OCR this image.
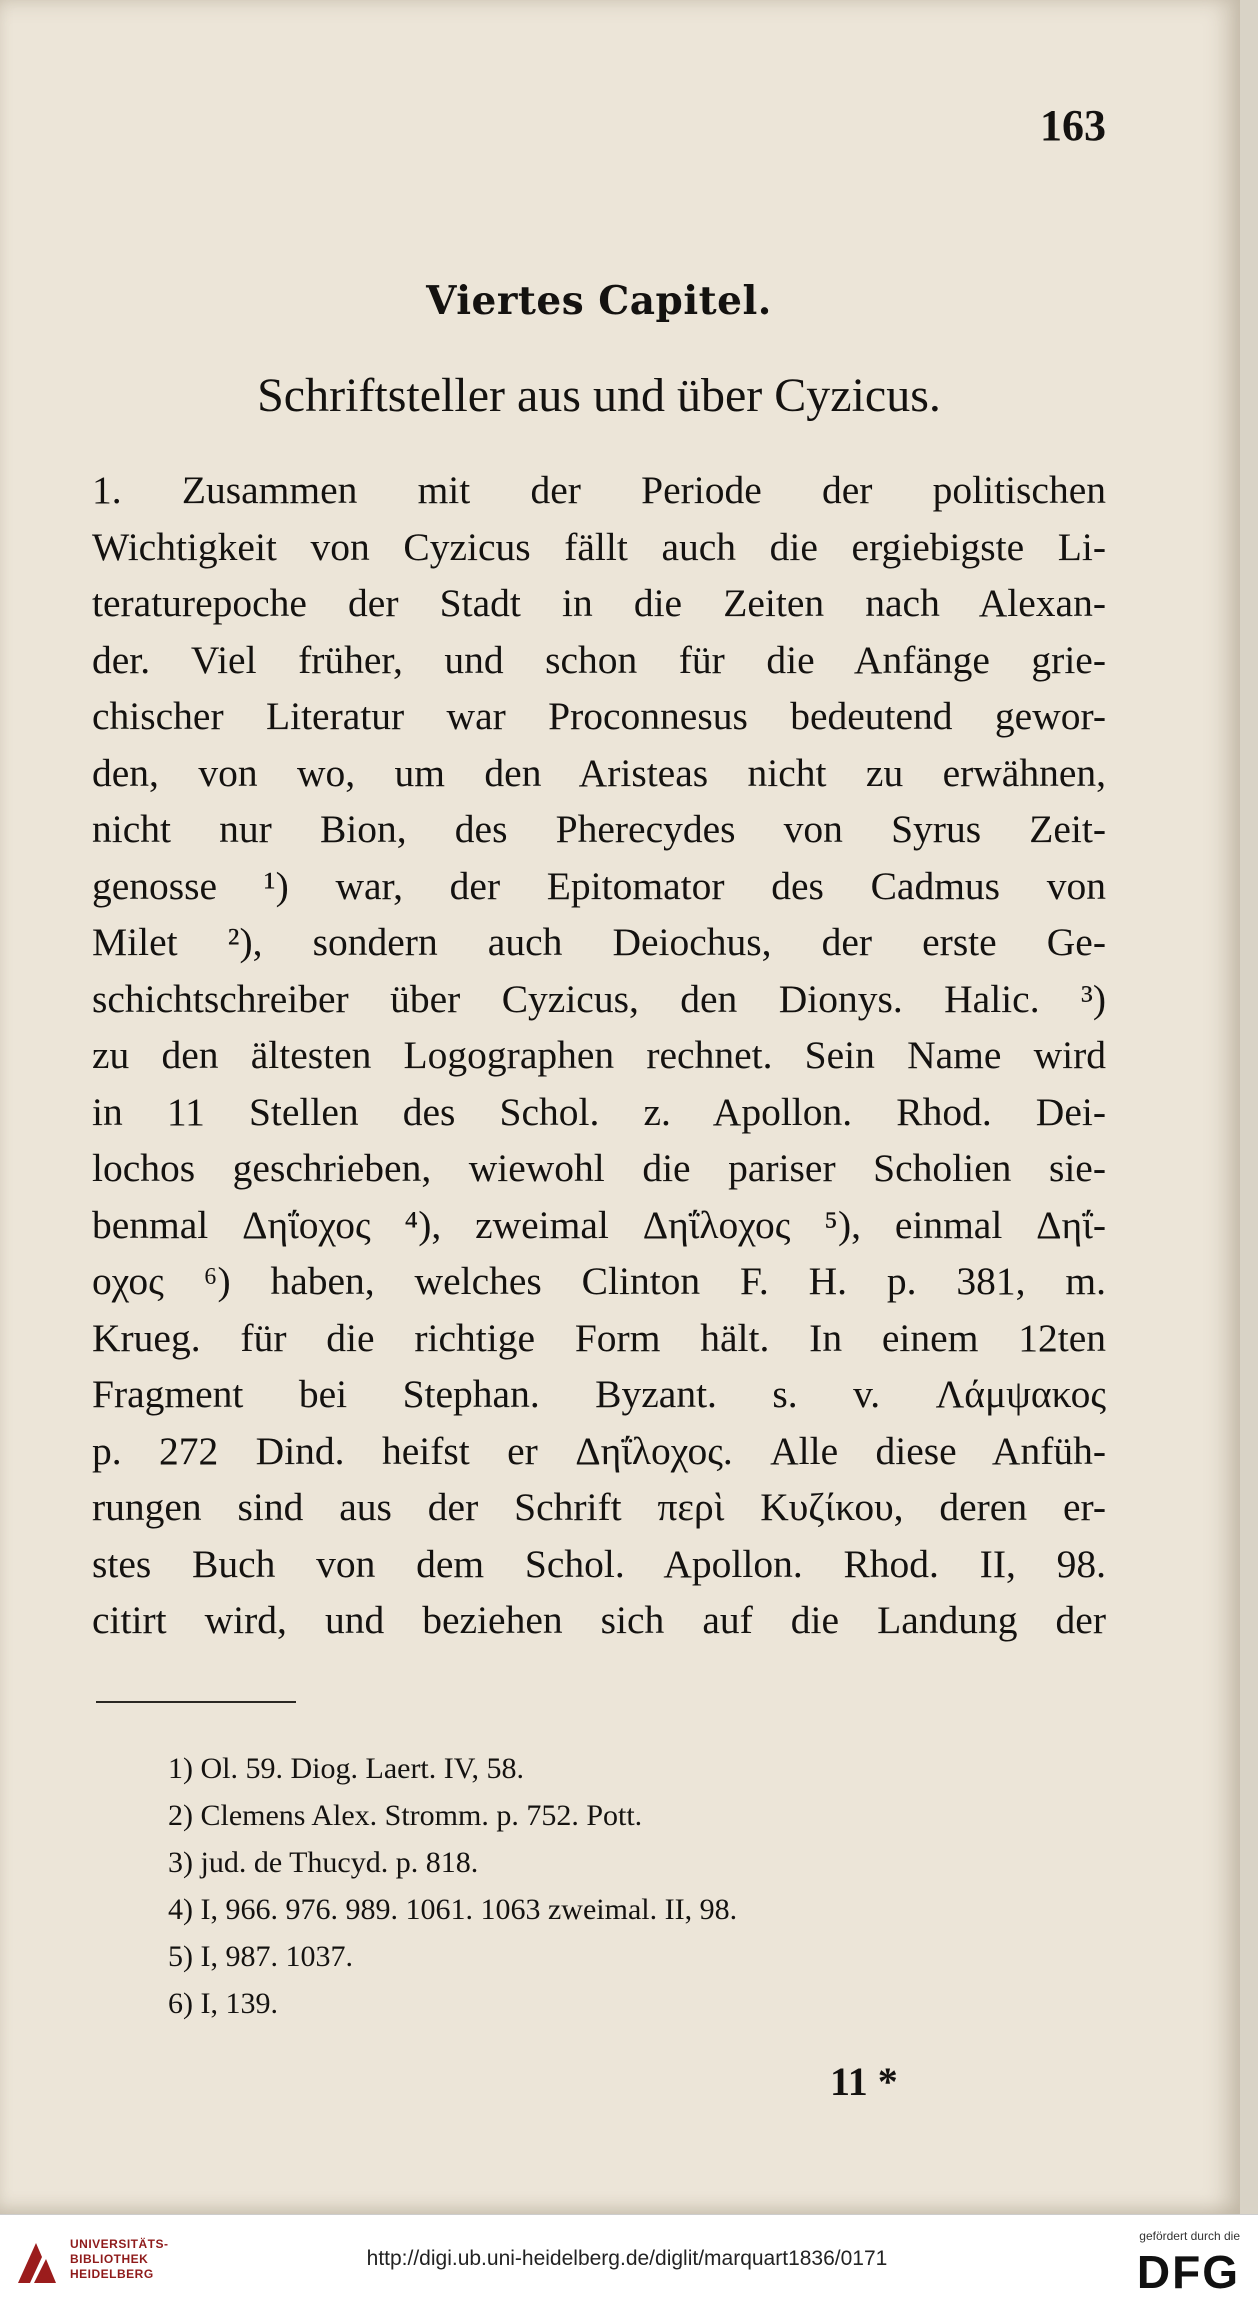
163
Viertes Capitel.
Schriftsteller aus und über Cyzicus.
1. Zusammen mit der Periode der politischen
Wichtigkeit von Cyzicus fällt auch die ergiebigste Li-
teraturepoche der Stadt in die Zeiten nach Alexan-
der. Viel früher, und schon für die Anfänge grie-
chischer Literatur war Proconnesus bedeutend gewor-
den, von wo, um den Aristeas nicht zu erwähnen,
nicht nur Bion, des Pherecydes von Syrus Zeit-
genosse ¹) war, der Epitomator des Cadmus von
Milet ²), sondern auch Deiochus, der erste Ge-
schichtschreiber über Cyzicus, den Dionys. Halic. ³)
zu den ältesten Logographen rechnet. Sein Name wird
in 11 Stellen des Schol. z. Apollon. Rhod. Dei-
lochos geschrieben, wiewohl die pariser Scholien sie-
benmal Δηΐοχος ⁴), zweimal Δηΐλοχος ⁵), einmal Δηΐ-
οχος ⁶) haben, welches Clinton F. H. p. 381, m.
Krueg. für die richtige Form hält. In einem 12ten
Fragment bei Stephan. Byzant. s. v. Λάμψακος
p. 272 Dind. heifst er Δηΐλοχος. Alle diese Anfüh-
rungen sind aus der Schrift περὶ Κυζίκου, deren er-
stes Buch von dem Schol. Apollon. Rhod. II, 98.
citirt wird, und beziehen sich auf die Landung der
1) Ol. 59. Diog. Laert. IV, 58.
2) Clemens Alex. Stromm. p. 752. Pott.
3) jud. de Thucyd. p. 818.
4) I, 966. 976. 989. 1061. 1063 zweimal. II, 98.
5) I, 987. 1037.
6) I, 139.
11 *
UNIVERSITÄTS-
BIBLIOTHEK
HEIDELBERG
http://digi.ub.uni-heidelberg.de/diglit/marquart1836/0171
gefördert durch die
DFG
